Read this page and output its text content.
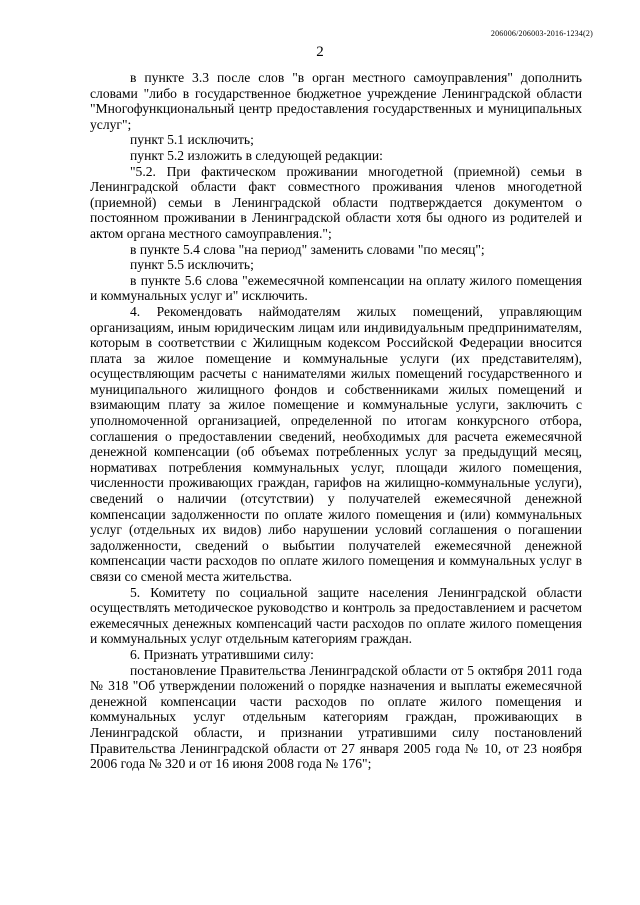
206006/206003-2016-1234(2)
2

в пункте 3.3 после слов "в орган местного самоуправления" дополнить словами "либо в государственное бюджетное учреждение Ленинградской области "Многофункциональный центр предоставления государственных и муниципальных услуг";

пункт 5.1 исключить;

пункт 5.2 изложить в следующей редакции:

"5.2. При фактическом проживании многодетной (приемной) семьи в Ленинградской области факт совместного проживания членов многодетной (приемной) семьи в Ленинградской области подтверждается документом о постоянном проживании в Ленинградской области хотя бы одного из родителей и актом органа местного самоуправления.";

в пункте 5.4 слова "на период" заменить словами "по месяц";

пункт 5.5 исключить;

в пункте 5.6 слова "ежемесячной компенсации на оплату жилого помещения и коммунальных услуг и" исключить.

4. Рекомендовать наймодателям жилых помещений, управляющим организациям, иным юридическим лицам или индивидуальным предпринимателям, которым в соответствии с Жилищным кодексом Российской Федерации вносится плата за жилое помещение и коммунальные услуги (их представителям), осуществляющим расчеты с нанимателями жилых помещений государственного и муниципального жилищного фондов и собственниками жилых помещений и взимающим плату за жилое помещение и коммунальные услуги, заключить с уполномоченной организацией, определенной по итогам конкурсного отбора, соглашения о предоставлении сведений, необходимых для расчета ежемесячной денежной компенсации (об объемах потребленных услуг за предыдущий месяц, нормативах потребления коммунальных услуг, площади жилого помещения, численности проживающих граждан, гарифов на жилищно-коммунальные услуги), сведений о наличии (отсутствии) у получателей ежемесячной денежной компенсации задолженности по оплате жилого помещения и (или) коммунальных услуг (отдельных их видов) либо нарушении условий соглашения о погашении задолженности, сведений о выбытии получателей ежемесячной денежной компенсации части расходов по оплате жилого помещения и коммунальных услуг в связи со сменой места жительства.

5. Комитету по социальной защите населения Ленинградской области осуществлять методическое руководство и контроль за предоставлением и расчетом ежемесячных денежных компенсаций части расходов по оплате жилого помещения и коммунальных услуг отдельным категориям граждан.

6. Признать утратившими силу:

постановление Правительства Ленинградской области от 5 октября 2011 года № 318 "Об утверждении положений о порядке назначения и выплаты ежемесячной денежной компенсации части расходов по оплате жилого помещения и коммунальных услуг отдельным категориям граждан, проживающих в Ленинградской области, и признании утратившими силу постановлений Правительства Ленинградской области от 27 января 2005 года № 10, от 23 ноября 2006 года № 320 и от 16 июня 2008 года № 176";
